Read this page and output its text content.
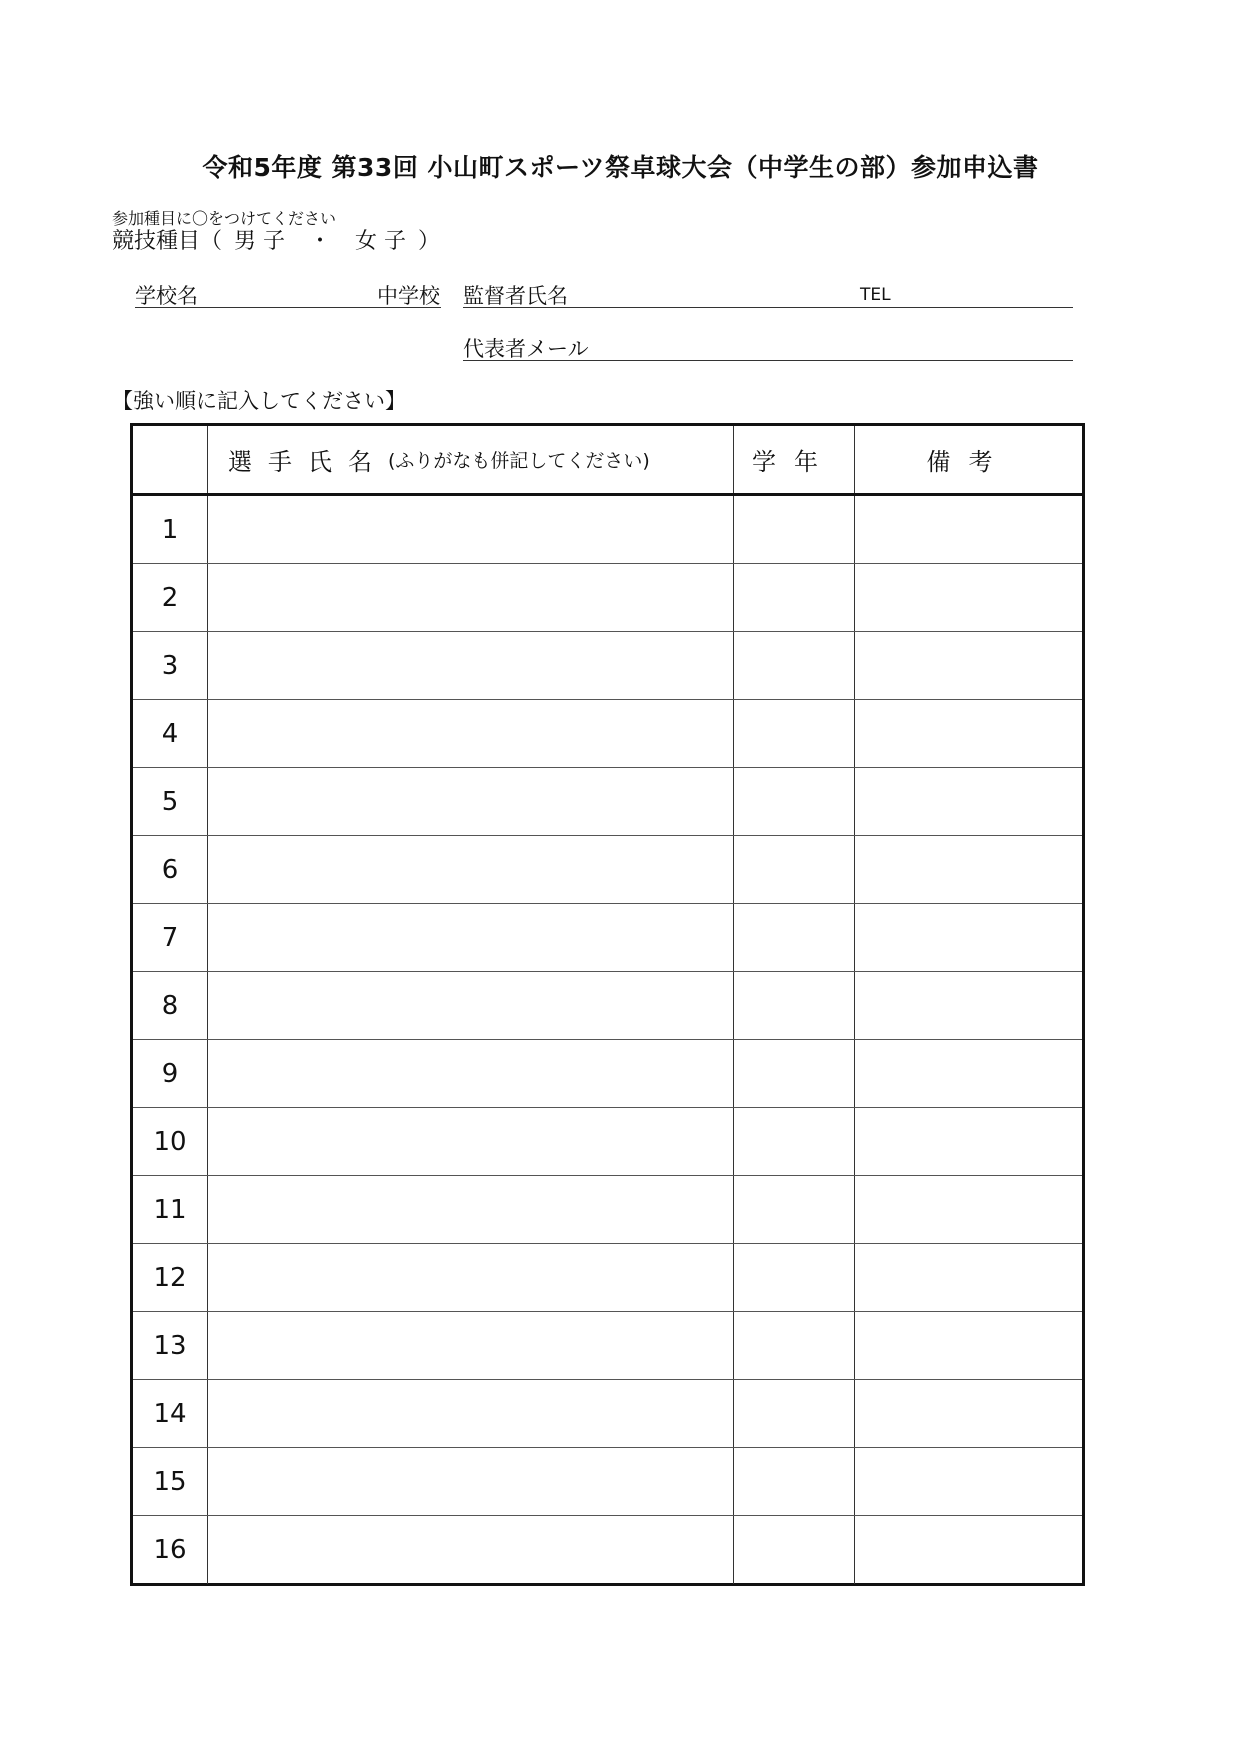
令和5年度 第33回 小山町スポーツ祭卓球大会（中学生の部）参加申込書
参加種目に〇をつけてください
競技種目（ 男 子 ・ 女 子 ）
学校名	中学校 監督者氏名	TEL
代表者メール
【強い順に記入してください】
選手氏名 (ふりがなも併記してください)	学年	備考
1
2
3
4
5
6
7
8
9
10
11
12
13
14
15
16
